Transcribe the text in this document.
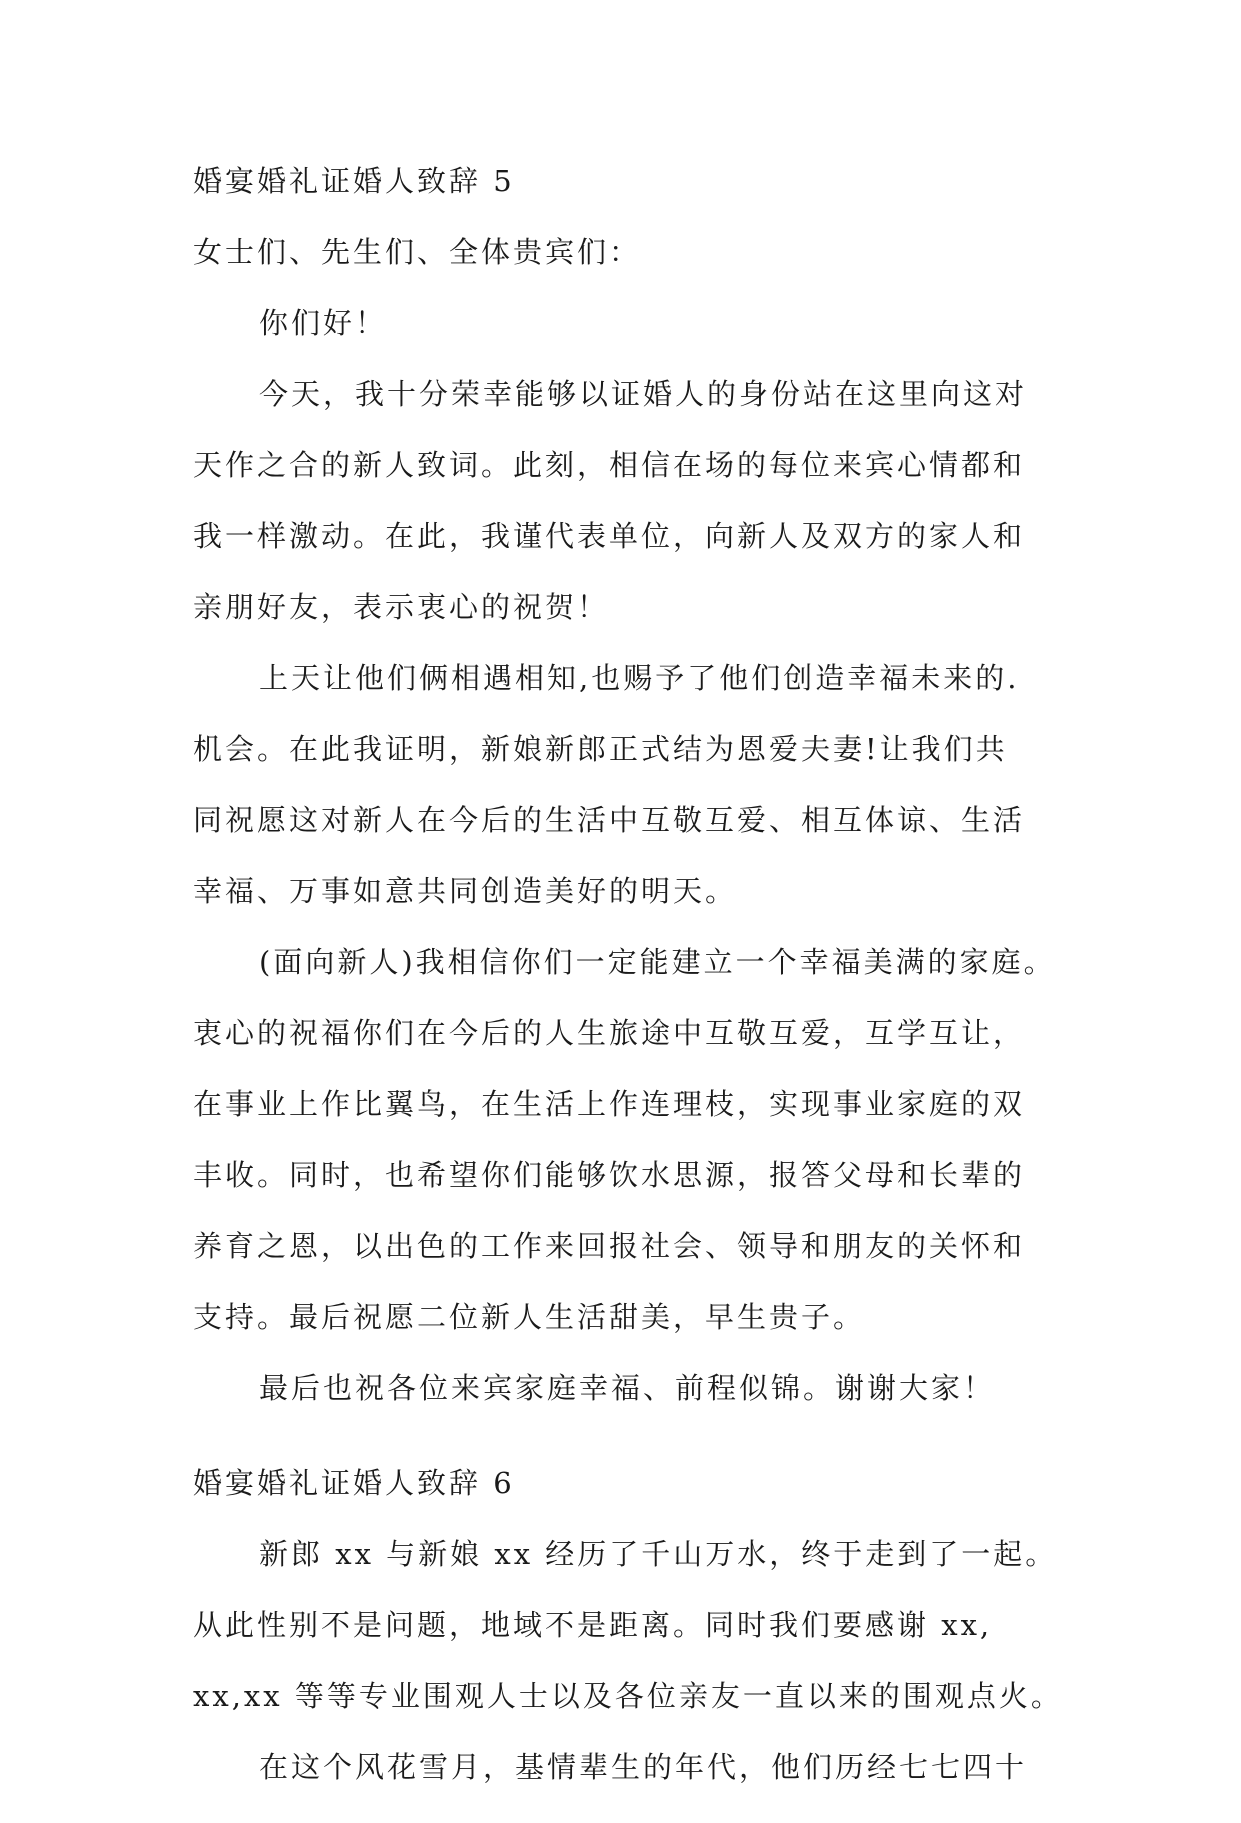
婚宴婚礼证婚人致辞 5
女士们、先生们、全体贵宾们：
你们好！
今天，我十分荣幸能够以证婚人的身份站在这里向这对
天作之合的新人致词。此刻，相信在场的每位来宾心情都和
我一样激动。在此，我谨代表单位，向新人及双方的家人和
亲朋好友，表示衷心的祝贺！
上天让他们俩相遇相知,也赐予了他们创造幸福未来的.
机会。在此我证明，新娘新郎正式结为恩爱夫妻!让我们共
同祝愿这对新人在今后的生活中互敬互爱、相互体谅、生活
幸福、万事如意共同创造美好的明天。
(面向新人)我相信你们一定能建立一个幸福美满的家庭。
衷心的祝福你们在今后的人生旅途中互敬互爱，互学互让，
在事业上作比翼鸟，在生活上作连理枝，实现事业家庭的双
丰收。同时，也希望你们能够饮水思源，报答父母和长辈的
养育之恩，以出色的工作来回报社会、领导和朋友的关怀和
支持。最后祝愿二位新人生活甜美，早生贵子。
最后也祝各位来宾家庭幸福、前程似锦。谢谢大家！
婚宴婚礼证婚人致辞 6
新郎 xx 与新娘 xx 经历了千山万水，终于走到了一起。
从此性别不是问题，地域不是距离。同时我们要感谢 xx,
xx,xx 等等专业围观人士以及各位亲友一直以来的围观点火。
在这个风花雪月，基情辈生的年代，他们历经七七四十
